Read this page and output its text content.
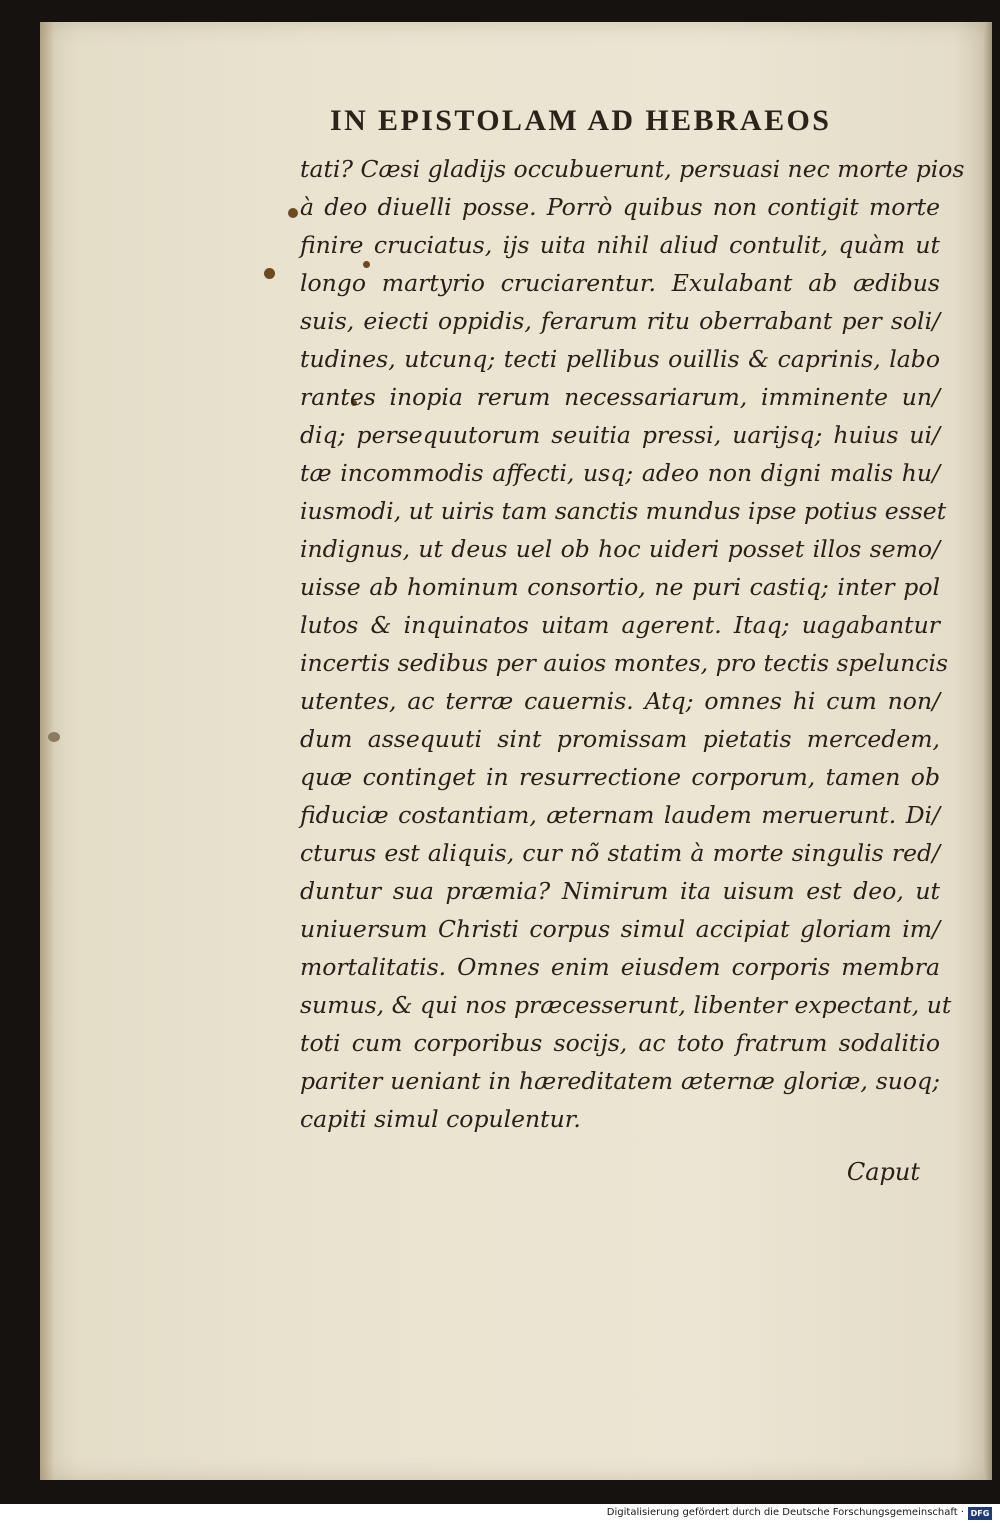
IN EPISTOLAM AD HEBRAEOS
tati? Cæsi gladijs occubuerunt, persuasi nec morte pios
à deo diuelli posse. Porrò quibus non contigit morte
finire cruciatus, ijs uita nihil aliud contulit, quàm ut
longo martyrio cruciarentur. Exulabant ab ædibus
suis, eiecti oppidis, ferarum ritu oberrabant per soli/
tudines, utcunq; tecti pellibus ouillis & caprinis, labo
rantes inopia rerum necessariarum, imminente un/
diq; persequutorum seuitia pressi, uarijsq; huius ui/
tæ incommodis affecti, usq; adeo non digni malis hu/
iusmodi, ut uiris tam sanctis mundus ipse potius esset
indignus, ut deus uel ob hoc uideri posset illos semo/
uisse ab hominum consortio, ne puri castiq; inter pol
lutos & inquinatos uitam agerent. Itaq; uagabantur
incertis sedibus per auios montes, pro tectis speluncis
utentes, ac terræ cauernis. Atq; omnes hi cum non/
dum assequuti sint promissam pietatis mercedem,
quæ continget in resurrectione corporum, tamen ob
fiduciæ costantiam, æternam laudem meruerunt. Di/
cturus est aliquis, cur nõ statim à morte singulis red/
duntur sua præmia? Nimirum ita uisum est deo, ut
uniuersum Christi corpus simul accipiat gloriam im/
mortalitatis. Omnes enim eiusdem corporis membra
sumus, & qui nos præcesserunt, libenter expectant, ut
toti cum corporibus socijs, ac toto fratrum sodalitio
pariter ueniant in hæreditatem æternæ gloriæ, suoq;
capiti simul copulentur.
Caput
Digitalisierung gefördert durch die Deutsche Forschungsgemeinschaft · DFG
